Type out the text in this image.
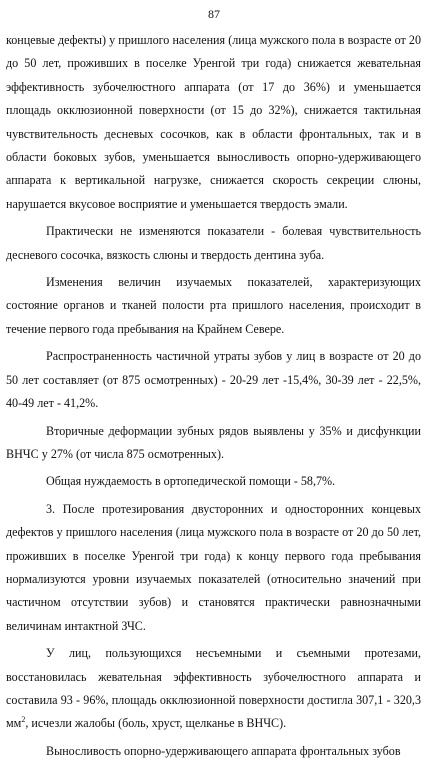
87

концевые дефекты) у пришлого населения (лица мужского пола в возрасте от 20 до 50 лет, проживших в поселке Уренгой три года) снижается жевательная эффективность зубочелюстного аппарата (от 17 до 36%) и уменьшается площадь окклюзионной поверхности (от 15 до 32%), снижается тактильная чувствительность десневых сосочков, как в области фронтальных, так и в области боковых зубов, уменьшается выносливость опорно-удерживающего аппарата к вертикальной нагрузке, снижается скорость секреции слюны, нарушается вкусовое восприятие и уменьшается твердость эмали.

Практически не изменяются показатели - болевая чувствительность десневого сосочка, вязкость слюны и твердость дентина зуба.

Изменения величин изучаемых показателей, характеризующих состояние органов и тканей полости рта пришлого населения, происходит в течение первого года пребывания на Крайнем Севере.

Распространенность частичной утраты зубов у лиц в возрасте от 20 до 50 лет составляет (от 875 осмотренных) - 20-29 лет -15,4%, 30-39 лет - 22,5%, 40-49 лет - 41,2%.

Вторичные деформации зубных рядов выявлены у 35% и дисфункции ВНЧС у 27% (от числа 875 осмотренных).

Общая нуждаемость в ортопедической помощи - 58,7%.

3. После протезирования двусторонних и односторонних концевых дефектов у пришлого населения (лица мужского пола в возрасте от 20 до 50 лет, проживших в поселке Уренгой три года) к концу первого года пребывания нормализуются уровни изучаемых показателей (относительно значений при частичном отсутствии зубов) и становятся практически равнозначными величинам интактной ЗЧС.

У лиц, пользующихся несъемными и съемными протезами, восстановилась жевательная эффективность зубочелюстного аппарата и составила 93 - 96%, площадь окклюзионной поверхности достигла 307,1 - 320,3 $мм^2$, исчезли жалобы (боль, хруст, щелканье в ВНЧС).

Выносливость опорно-удерживающего аппарата фронтальных зубов
